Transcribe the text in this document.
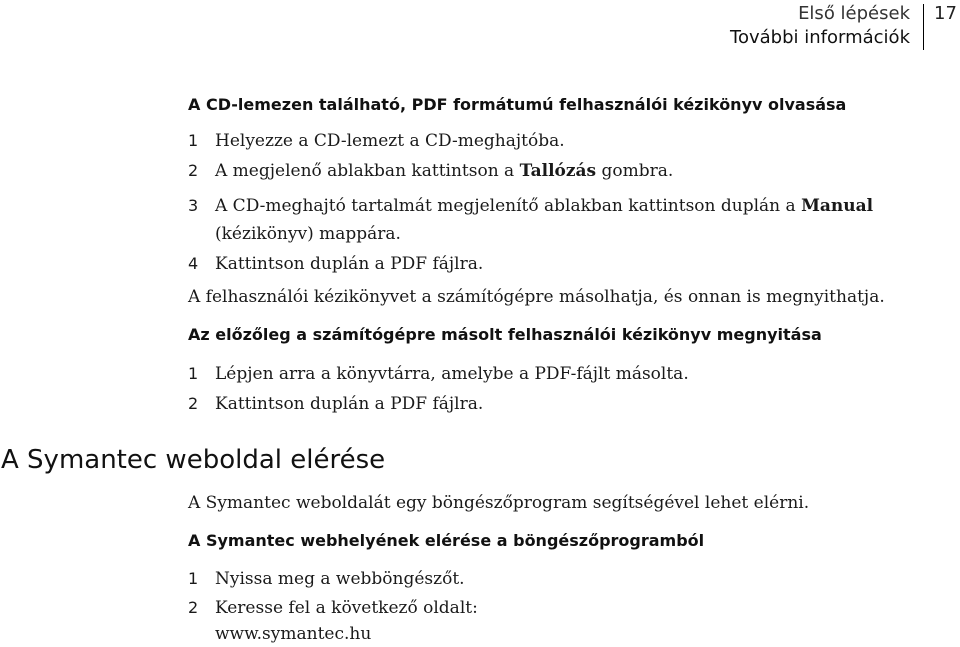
Első lépések
További információk
17
A CD-lemezen található, PDF formátumú felhasználói kézikönyv olvasása
1 Helyezze a CD-lemezt a CD-meghajtóba.
2 A megjelenő ablakban kattintson a Tallózás gombra.
3 A CD-meghajtó tartalmát megjelenítő ablakban kattintson duplán a Manual
(kézikönyv) mappára.
4 Kattintson duplán a PDF fájlra.
A felhasználói kézikönyvet a számítógépre másolhatja, és onnan is megnyithatja.
Az előzőleg a számítógépre másolt felhasználói kézikönyv megnyitása
1 Lépjen arra a könyvtárra, amelybe a PDF-fájlt másolta.
2 Kattintson duplán a PDF fájlra.
A Symantec weboldal elérése
A Symantec weboldalát egy böngészőprogram segítségével lehet elérni.
A Symantec webhelyének elérése a böngészőprogramból
1 Nyissa meg a webböngészőt.
2 Keresse fel a következő oldalt:
www.symantec.hu
